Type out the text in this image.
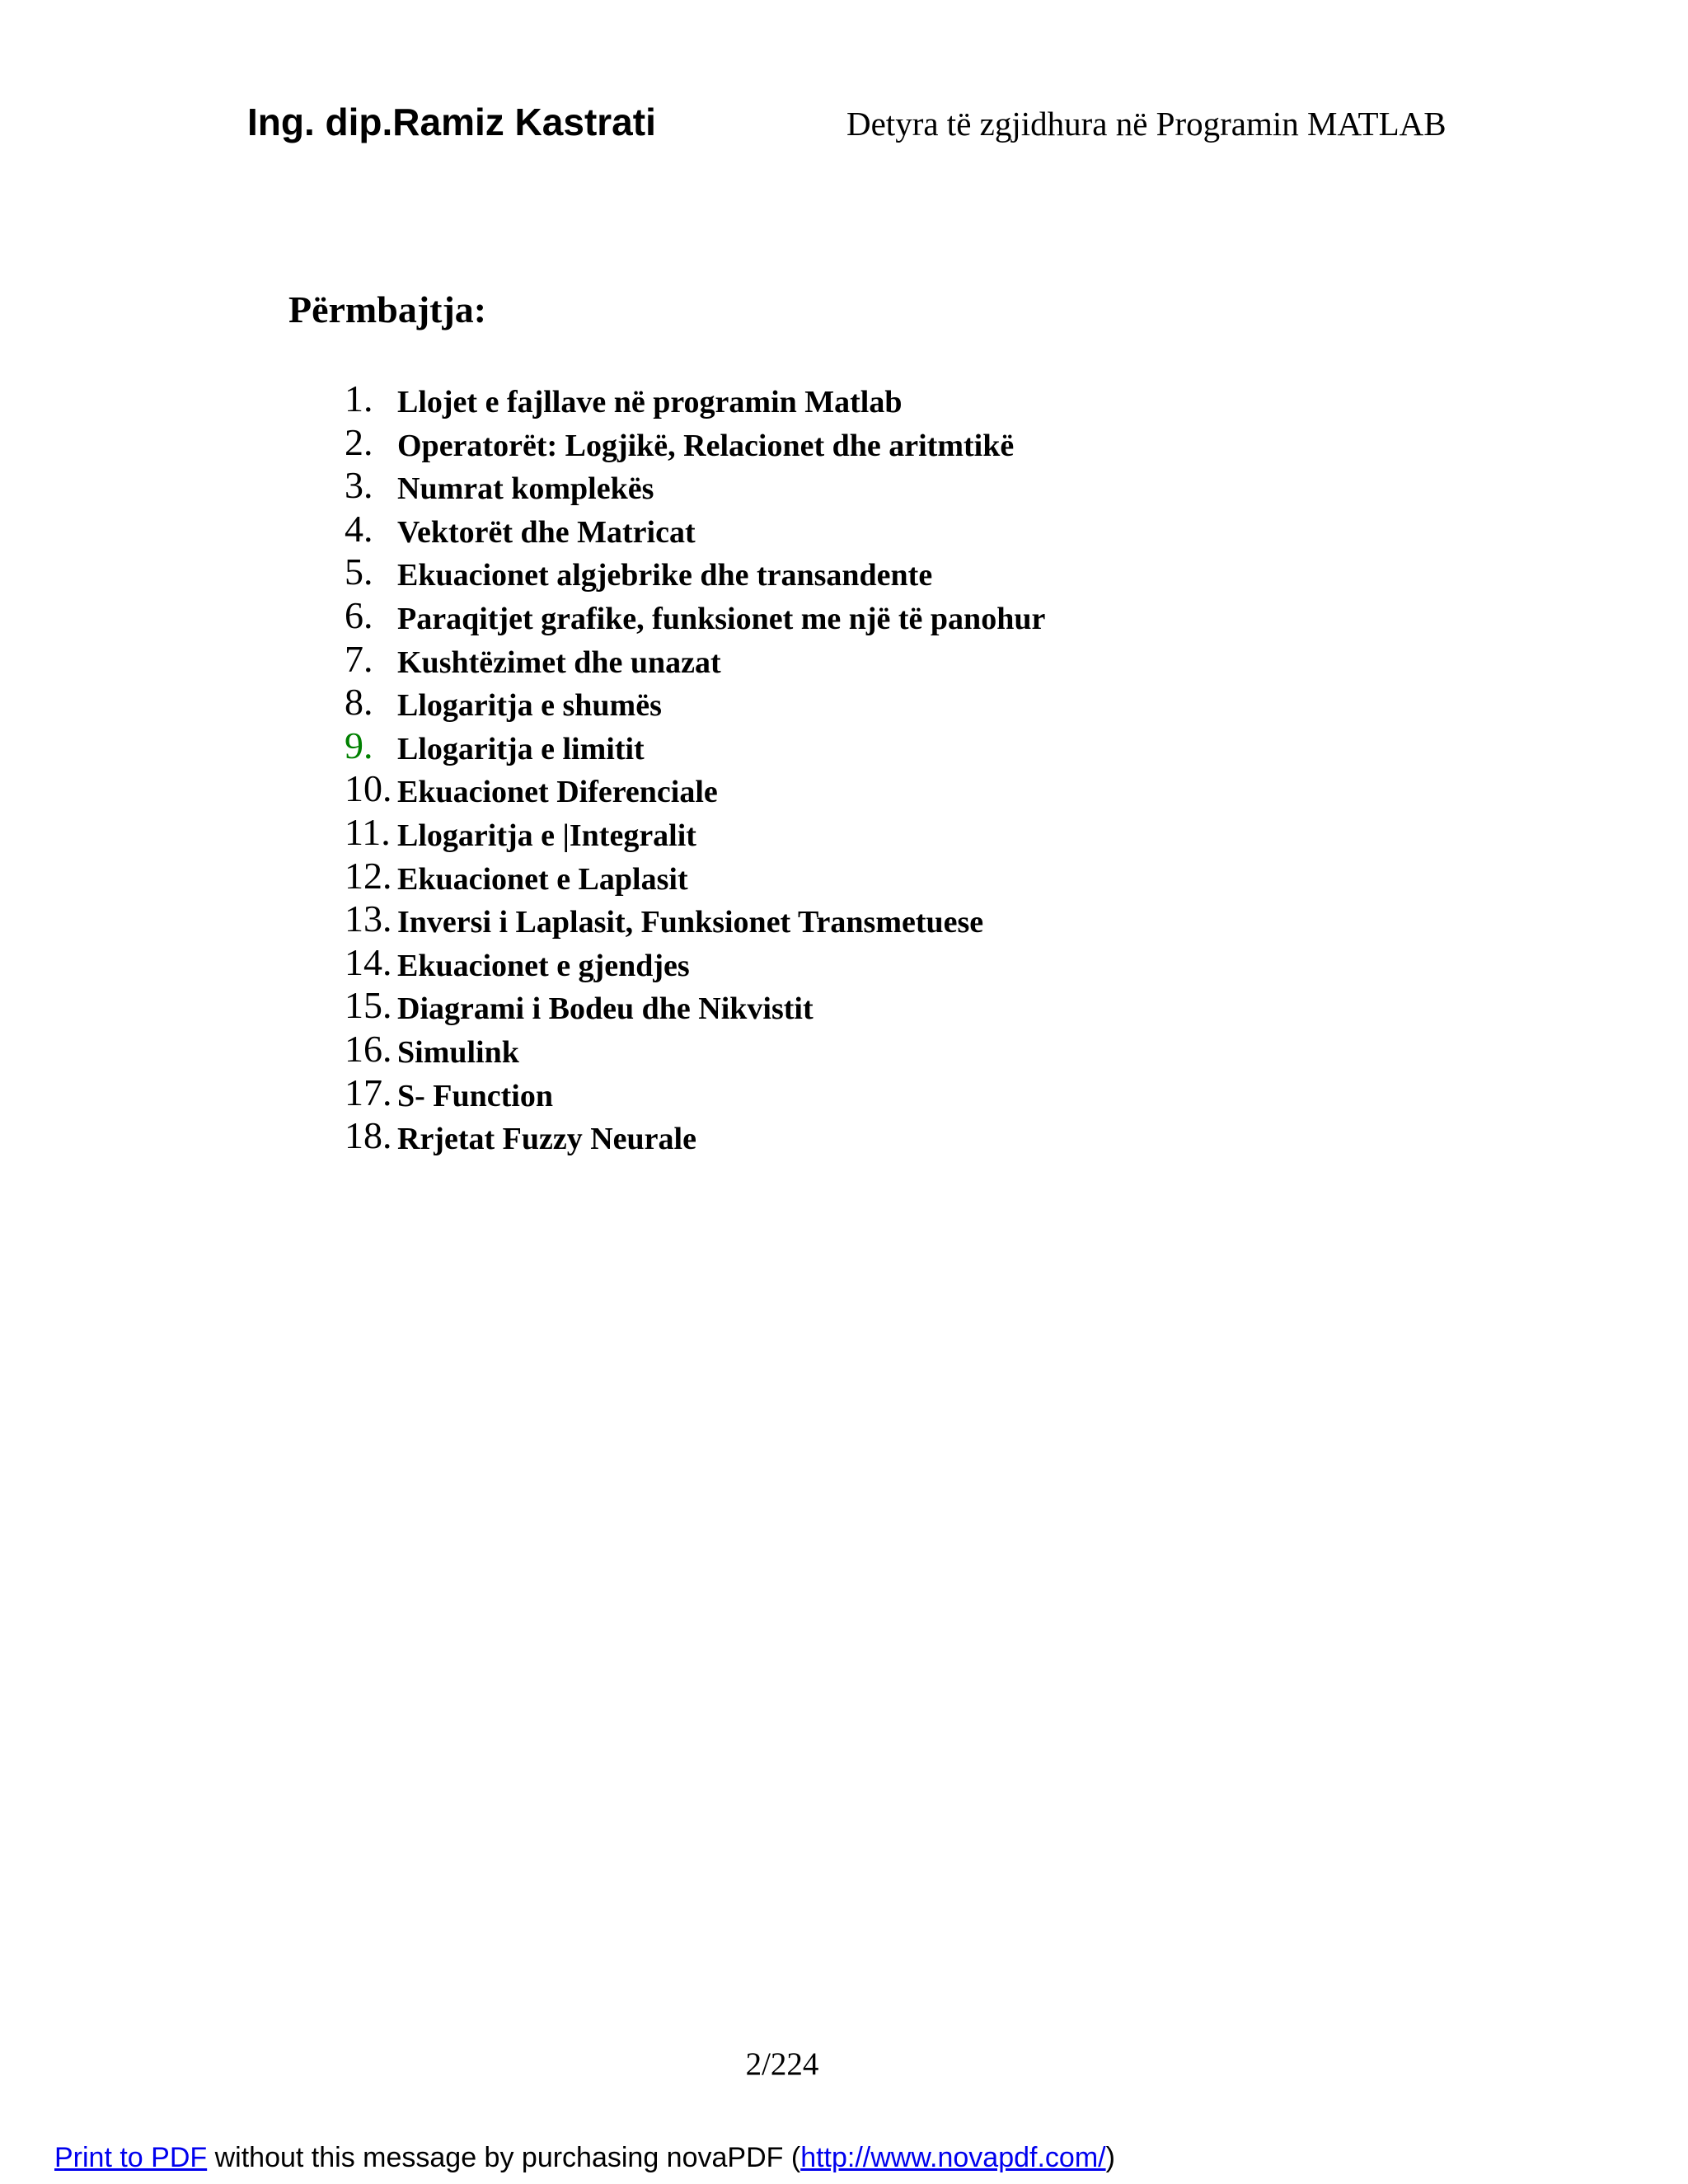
Ing. dip.Ramiz Kastrati	Detyra të zgjidhura në Programin MATLAB
Përmbajtja:
1. Llojet e fajllave në programin Matlab
2. Operatorët: Logjikë, Relacionet dhe aritmtikë
3. Numrat komplekës
4. Vektorët dhe Matricat
5. Ekuacionet algjebrike dhe transandente
6. Paraqitjet grafike, funksionet me një të panohur
7. Kushtëzimet dhe unazat
8. Llogaritja e shumës
9. Llogaritja e limitit
10. Ekuacionet Diferenciale
11. Llogaritja e |Integralit
12. Ekuacionet e Laplasit
13. Inversi i Laplasit, Funksionet Transmetuese
14. Ekuacionet e gjendjes
15. Diagrami i Bodeu dhe Nikvistit
16. Simulink
17. S- Function
18. Rrjetat Fuzzy Neurale
2/224
Print to PDF without this message by purchasing novaPDF (http://www.novapdf.com/)
